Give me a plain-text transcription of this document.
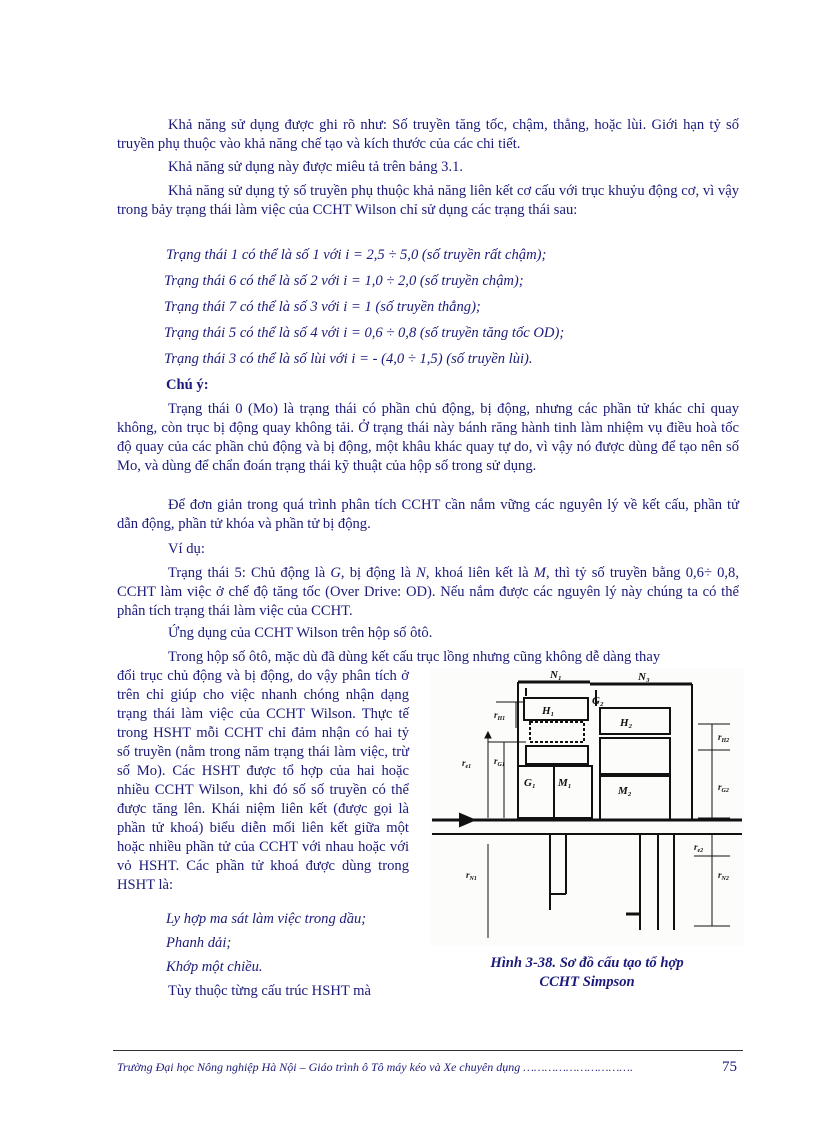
Khả năng sử dụng được ghi rõ như: Số truyền tăng tốc, chậm, thẳng, hoặc lùi. Giới hạn tỷ số truyền phụ thuộc vào khả năng chế tạo và kích thước của các chi tiết.

Khả năng sử dụng này được miêu tả trên bảng 3.1.

Khả năng sử dụng tỷ số truyền phụ thuộc khả năng liên kết cơ cấu với trục khuỷu động cơ, vì vậy trong bảy trạng thái làm việc của CCHT Wilson chỉ sử dụng các trạng thái sau:

Trạng thái 1 có thể là số 1 với i = 2,5 ÷ 5,0 (số truyền rất chậm);

Trạng thái 6 có thể là số 2 với i = 1,0 ÷ 2,0 (số truyền chậm);

Trạng thái 7 có thể là số 3 với i = 1 (số truyền thẳng);

Trạng thái 5 có thể là số 4 với i = 0,6 ÷ 0,8 (số truyền tăng tốc OD);

Trạng thái 3 có thể là số lùi với i = - (4,0 ÷ 1,5) (số truyền lùi).

Chú ý:

Trạng thái 0 (Mo) là trạng thái có phần chủ động, bị động, nhưng các phần tử khác chỉ quay không, còn trục bị động quay không tải. Ở trạng thái này bánh răng hành tinh làm nhiệm vụ điều hoà tốc độ quay của các phần chủ động và bị động, một khâu khác quay tự do, vì vậy nó được dùng để tạo nên số Mo, và dùng để chẩn đoán trạng thái kỹ thuật của hộp số trong sử dụng.

Để đơn giản trong quá trình phân tích CCHT cần nắm vững các nguyên lý về kết cấu, phần tử dẫn động, phần tử khóa và phần tử bị động.

Ví dụ:

Trạng thái 5: Chủ động là G, bị động là N, khoá liên kết là M, thì tỷ số truyền bằng 0,6÷ 0,8, CCHT làm việc ở chế độ tăng tốc (Over Drive: OD). Nếu nắm được các nguyên lý này chúng ta có thể phân tích trạng thái làm việc của CCHT.

Ứng dụng của CCHT Wilson trên hộp số ôtô.

Trong hộp số ôtô, mặc dù đã dùng kết cấu trục lồng nhưng cũng không dễ dàng thay

đổi trục chủ động và bị động, do vậy phân tích ở trên chỉ giúp cho việc nhanh chóng nhận dạng trạng thái làm việc của CCHT Wilson. Thực tế trong HSHT mỗi CCHT chỉ đảm nhận có hai tỷ số truyền (nằm trong năm trạng thái làm việc, trừ số Mo). Các HSHT được tổ hợp của hai hoặc nhiều CCHT Wilson, khi đó số số truyền có thể được tăng lên. Khái niệm liên kết (được gọi là phần tử khoá) biểu diễn mối liên kết giữa một hoặc nhiều phần tử của CCHT với nhau hoặc với vỏ HSHT. Các phần tử khoá được dùng trong HSHT là:

Ly hợp ma sát làm việc trong dầu;

Phanh dải;

Khớp một chiều.

Tùy thuộc từng cấu trúc HSHT mà

N₁	N₃
G₂
H₁
H₂
G₁ M₁
M₂
$r_{H1}$
$r_{e1}$
$r_{G1}$
$r_{N1}$
$r_{H2}$
$r_{G2}$
$r_{e2}$
$r_{N2}$
Hình 3-38. Sơ đồ cấu tạo tổ hợp
CCHT Simpson
Trường Đại học Nông nghiệp Hà Nội – Giáo trình ô Tô máy kéo và Xe chuyên dụng ………………………….	75
